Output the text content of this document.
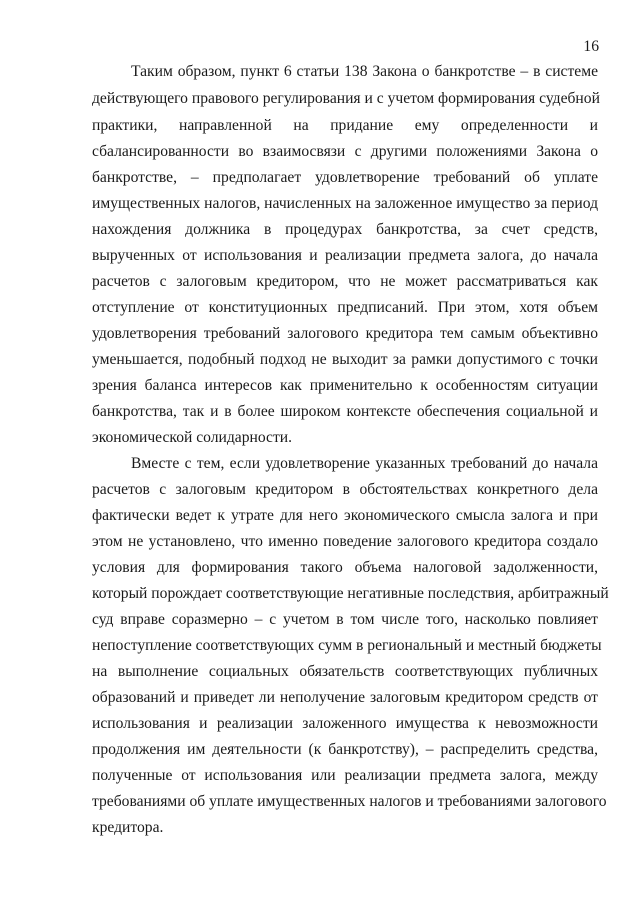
16
Таким образом, пункт 6 статьи 138 Закона о банкротстве – в системе
действующего правового регулирования и с учетом формирования судебной
практики, направленной на придание ему определенности и
сбалансированности во взаимосвязи с другими положениями Закона о
банкротстве, – предполагает удовлетворение требований об уплате
имущественных налогов, начисленных на заложенное имущество за период
нахождения должника в процедурах банкротства, за счет средств,
вырученных от использования и реализации предмета залога, до начала
расчетов с залоговым кредитором, что не может рассматриваться как
отступление от конституционных предписаний. При этом, хотя объем
удовлетворения требований залогового кредитора тем самым объективно
уменьшается, подобный подход не выходит за рамки допустимого с точки
зрения баланса интересов как применительно к особенностям ситуации
банкротства, так и в более широком контексте обеспечения социальной и
экономической солидарности.
Вместе с тем, если удовлетворение указанных требований до начала
расчетов с залоговым кредитором в обстоятельствах конкретного дела
фактически ведет к утрате для него экономического смысла залога и при
этом не установлено, что именно поведение залогового кредитора создало
условия для формирования такого объема налоговой задолженности,
который порождает соответствующие негативные последствия, арбитражный
суд вправе соразмерно – с учетом в том числе того, насколько повлияет
непоступление соответствующих сумм в региональный и местный бюджеты
на выполнение социальных обязательств соответствующих публичных
образований и приведет ли неполучение залоговым кредитором средств от
использования и реализации заложенного имущества к невозможности
продолжения им деятельности (к банкротству), – распределить средства,
полученные от использования или реализации предмета залога, между
требованиями об уплате имущественных налогов и требованиями залогового
кредитора.
